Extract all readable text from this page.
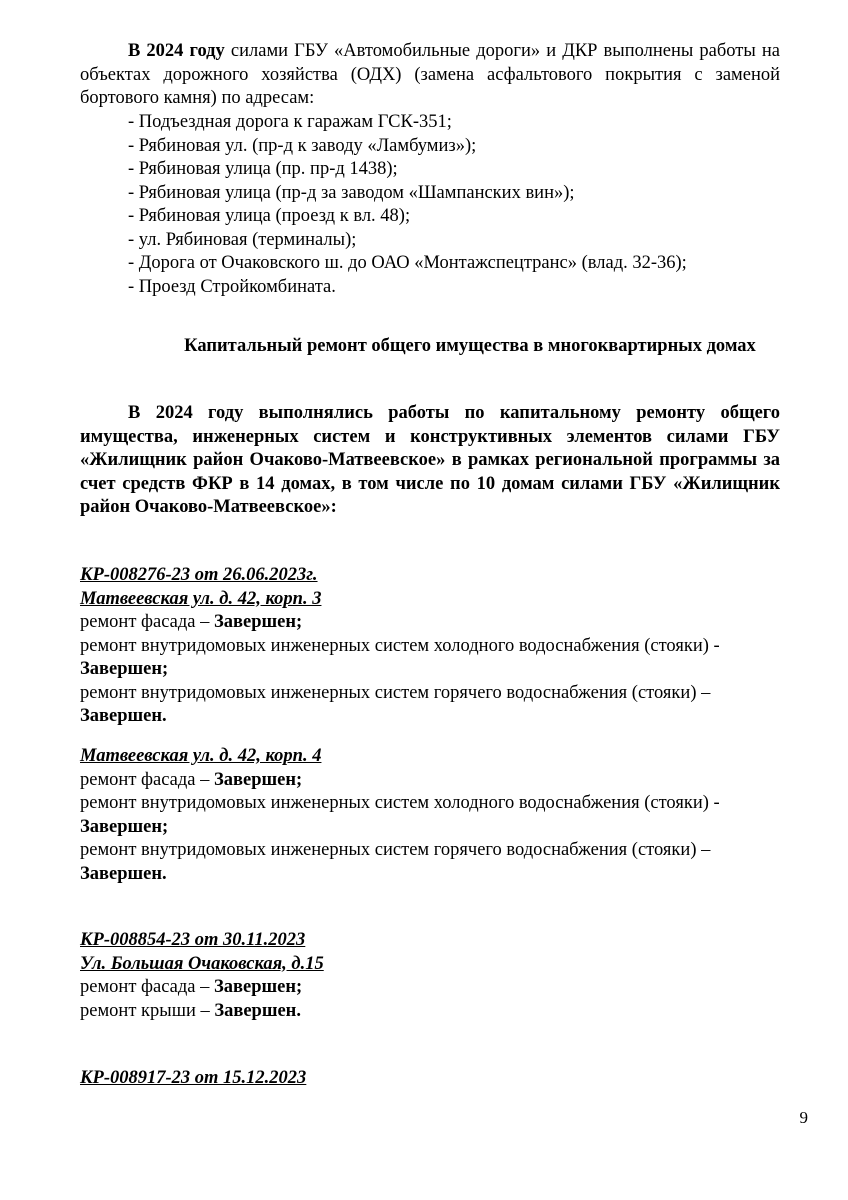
В 2024 году силами ГБУ «Автомобильные дороги» и ДКР выполнены работы на объектах дорожного хозяйства (ОДХ) (замена асфальтового покрытия с заменой бортового камня) по адресам:
- Подъездная дорога к гаражам ГСК-351;
- Рябиновая ул. (пр-д к заводу «Ламбумиз»);
- Рябиновая улица (пр. пр-д 1438);
- Рябиновая улица (пр-д за заводом «Шампанских вин»);
- Рябиновая улица (проезд к вл. 48);
- ул. Рябиновая (терминалы);
- Дорога от Очаковского ш. до ОАО «Монтажспецтранс» (влад. 32-36);
- Проезд Стройкомбината.
Капитальный ремонт общего имущества в многоквартирных домах
В 2024 году выполнялись работы по капитальному ремонту общего имущества, инженерных систем и конструктивных элементов силами ГБУ «Жилищник район Очаково-Матвеевское» в рамках региональной программы за счет средств ФКР в 14 домах, в том числе по 10 домам силами ГБУ «Жилищник район Очаково-Матвеевское»:

КР-008276-23 от 26.06.2023г.

Матвеевская ул. д. 42, корп. 3

ремонт фасада – Завершен;

ремонт внутридомовых инженерных систем холодного водоснабжения (стояки) - Завершен;

ремонт внутридомовых инженерных систем горячего водоснабжения (стояки) – Завершен.

Матвеевская ул. д. 42, корп. 4

ремонт фасада – Завершен;

ремонт внутридомовых инженерных систем холодного водоснабжения (стояки) - Завершен;

ремонт внутридомовых инженерных систем горячего водоснабжения (стояки) – Завершен.

КР-008854-23 от 30.11.2023

Ул. Большая Очаковская, д.15

ремонт фасада – Завершен;

ремонт крыши – Завершен.

КР-008917-23 от 15.12.2023

9
